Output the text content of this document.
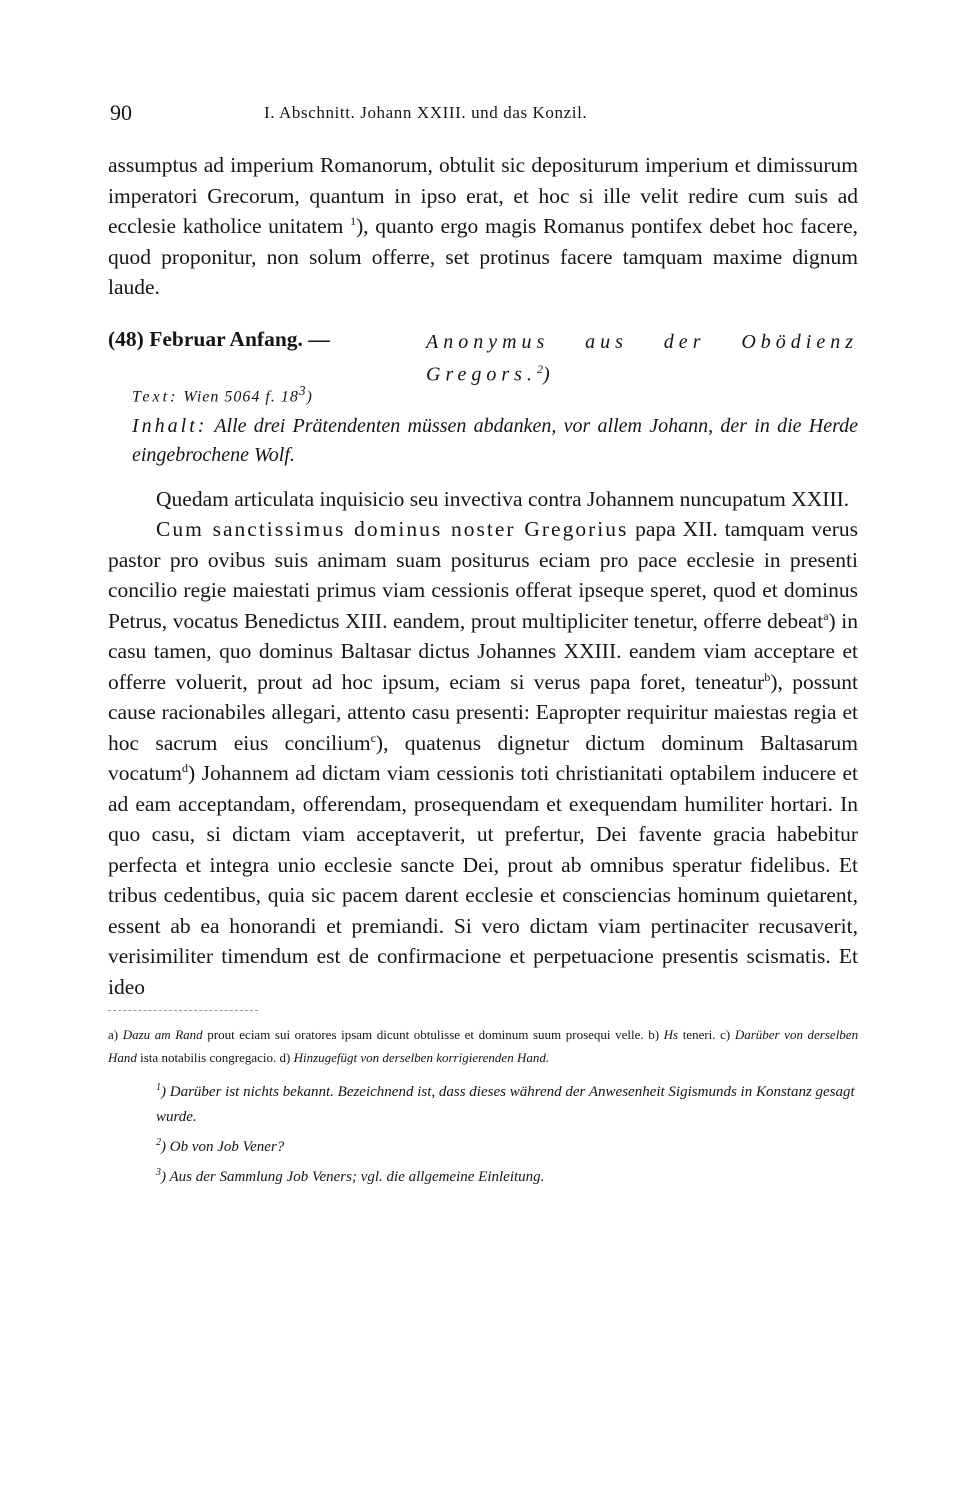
90	I. Abschnitt. Johann XXIII. und das Konzil.

assumptus ad imperium Romanorum, obtulit sic depositurum imperium et dimissurum imperatori Grecorum, quantum in ipso erat, et hoc si ille velit redire cum suis ad ecclesie katholice unitatem $^1$), quanto ergo magis Romanus pontifex debet hoc facere, quod proponitur, non solum offerre, set protinus facere tamquam maxime dignum laude.

(48) Februar Anfang. —	Anonymus aus der Obödienz Gregors.$^2$)
Text: Wien 5064 f. $18^3$)
Inhalt: Alle drei Prätendenten müssen abdanken, vor allem Johann, der in die Herde eingebrochene Wolf.

Quedam articulata inquisicio seu invectiva contra Johannem nuncupatum XXIII.

Cum sanctissimus dominus noster Gregorius papa XII. tamquam verus pastor pro ovibus suis animam suam positurus eciam pro pace ecclesie in presenti concilio regie maiestati primus viam cessionis offerat ipseque speret, quod et dominus Petrus, vocatus Benedictus XIII. eandem, prout multipliciter tenetur, offerre debeat$^a$) in casu tamen, quo dominus Baltasar dictus Johannes XXIII. eandem viam acceptare et offerre voluerit, prout ad hoc ipsum, eciam si verus papa foret, teneatur$^b$), possunt cause racionabiles allegari, attento casu presenti: Eapropter requiritur maiestas regia et hoc sacrum eius concilium$^c$), quatenus dignetur dictum dominum Baltasarum vocatum$^d$) Johannem ad dictam viam cessionis toti christianitati optabilem inducere et ad eam acceptandam, offerendam, prosequendam et exequendam humiliter hortari. In quo casu, si dictam viam acceptaverit, ut prefertur, Dei favente gracia habebitur perfecta et integra unio ecclesie sancte Dei, prout ab omnibus speratur fidelibus. Et tribus cedentibus, quia sic pacem darent ecclesie et consciencias hominum quietarent, essent ab ea honorandi et premiandi. Si vero dictam viam pertinaciter recusaverit, verisimiliter timendum est de confirmacione et perpetuacione presentis scismatis. Et ideo

a) Dazu am Rand prout eciam sui oratores ipsam dicunt obtulisse et dominum suum prosequi velle. b) Hs teneri. c) Darüber von derselben Hand ista notabilis congregacio. d) Hinzugefügt von derselben korrigierenden Hand.
$^1$) Darüber ist nichts bekannt. Bezeichnend ist, dass dieses während der Anwesenheit Sigismunds in Konstanz gesagt wurde.
$^2$) Ob von Job Vener?
$^3$) Aus der Sammlung Job Veners; vgl. die allgemeine Einleitung.
